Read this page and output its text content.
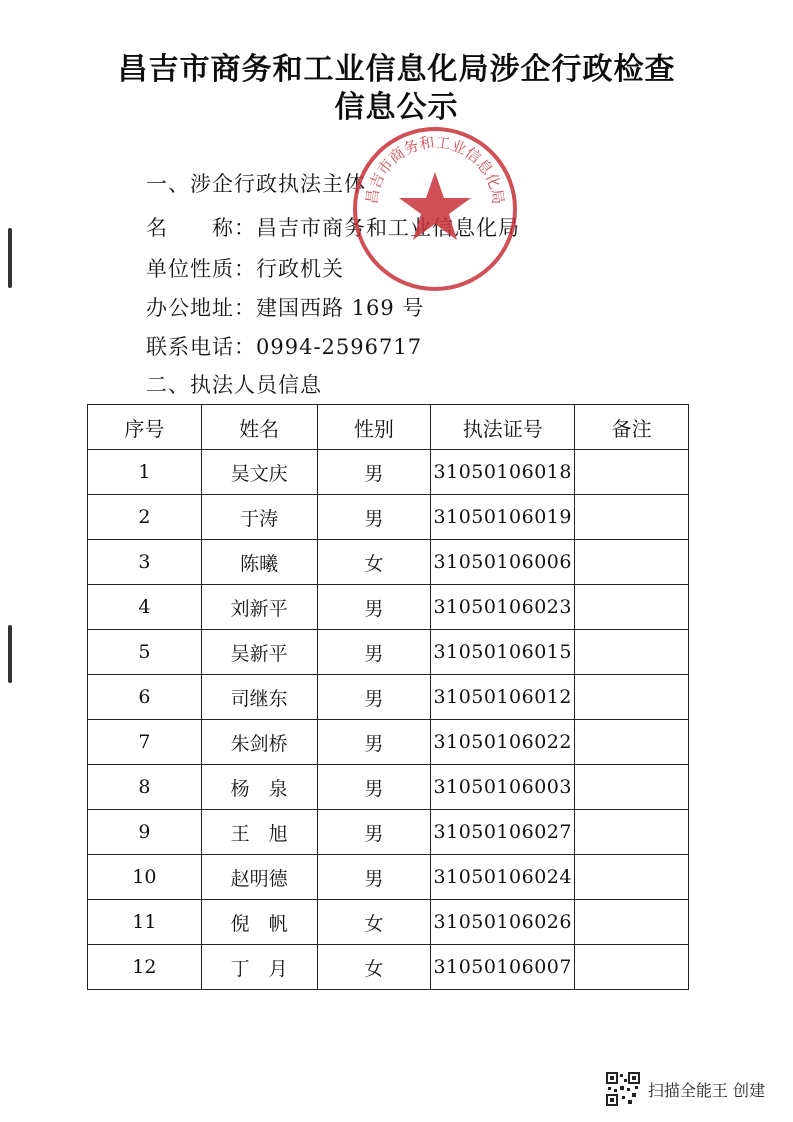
昌吉市商务和工业信息化局涉企行政检查
信息公示
一、涉企行政执法主体
名　　称：昌吉市商务和工业信息化局
单位性质：行政机关
办公地址：建国西路 169 号
联系电话：0994-2596717
二、执法人员信息
昌吉市商务和工业信息化局
序号	姓名	性别	执法证号	备注
1	吴文庆	男	31050106018	
2	于涛	男	31050106019	
3	陈曦	女	31050106006	
4	刘新平	男	31050106023	
5	吴新平	男	31050106015	
6	司继东	男	31050106012	
7	朱剑桥	男	31050106022	
8	杨　泉	男	31050106003	
9	王　旭	男	31050106027	
10	赵明德	男	31050106024	
11	倪　帆	女	31050106026	
12	丁　月	女	31050106007	
扫描全能王 创建
